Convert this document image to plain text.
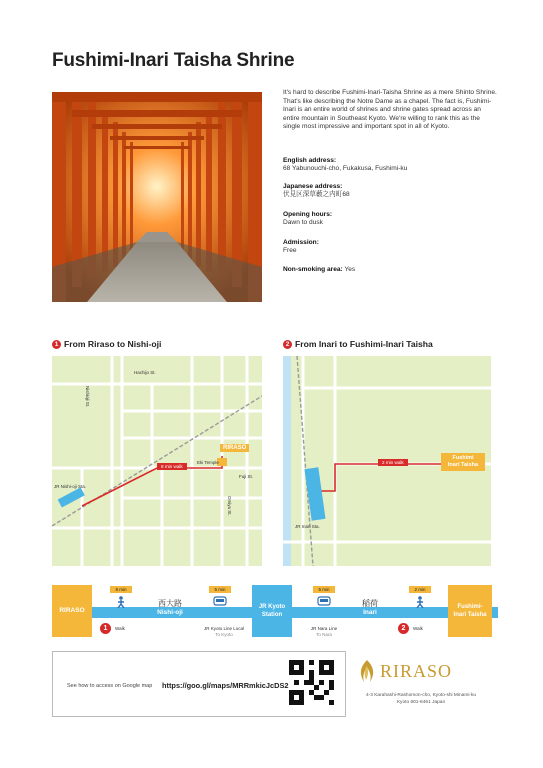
Fushimi-Inari Taisha Shrine
It's hard to describe Fushimi-Inari-Taisha Shrine as a mere Shinto Shrine. That's like describing the Notre Dame as a chapel. The fact is, Fushimi-Inari is an entire world of shrines and shrine gates spread across an entire mountain in Southeast Kyoto. We're willing to rank this as the single most impressive and important spot in all of Kyoto.
English address:
68 Yabunouchi-cho, Fukakusa, Fushimi-ku
Japanese address:
伏見区深草藪之内町68
Opening hours:
Dawn to dusk
Admission:
Free
Non-smoking area: Yes
1 From Riraso to Nishi-oji	2 From Inari to Fushimi-Inari Taisha
Hachijo St.
Nishioji St.
JR Nishi-oji Sta.
8 min walk
RIRASO
Eki Temple
Fuji St.
Omiya St.
2 min walk
Fushimi
Inari Taisha
JR Inari Sta.
RIRASO	Fushimi-
Inari Taisha
JR Kyoto
Station
8 min	5 min	5 min	2 min
西大路
Nishi-oji
稲荷
Inari
1	Walk	2	Walk
JR Kyoto Line Local
To Kyoto
JR Nara Line
To Nara
See how to access on Google map https://goo.gl/maps/MRRmkicJcDS2
RIRASO
4-3 Karahashi-Rashomon-cho, Kyoto-shi Minami-ku
Kyoto 601-8461 Japan
